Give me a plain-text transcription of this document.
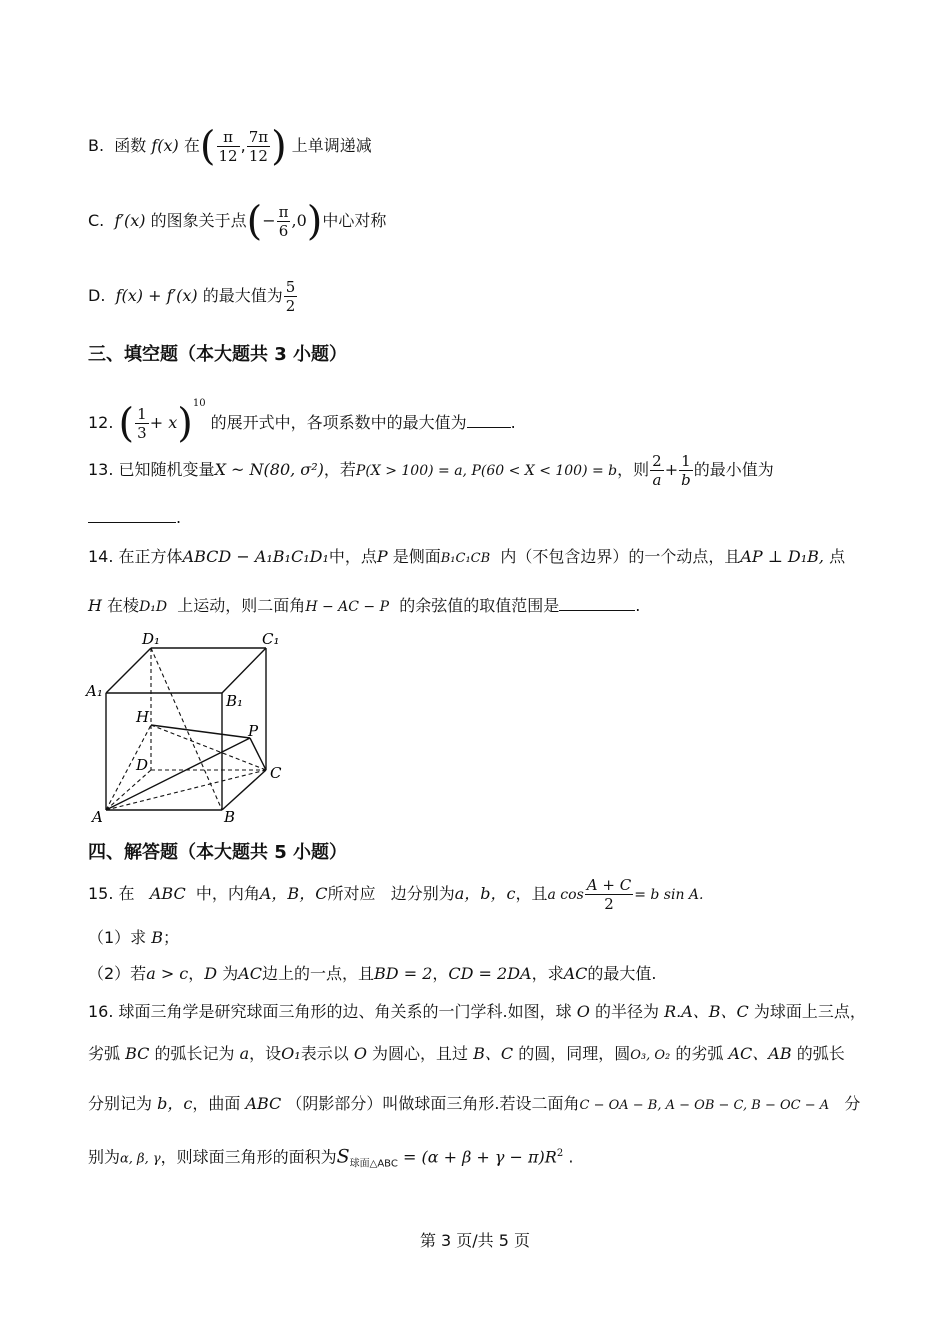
B. 函数 f(x) 在( $\frac{\pi}{12}$ , $\frac{7\pi}{12}$ ) 上单调递减
C. f′(x) 的图象关于点(− $\frac{\pi}{6} ,0$)中心对称
D. f(x) + f′(x) 的最大值为 $\frac{5}{2}$
三、填空题（本大题共 3 小题）
12. ( $\frac{1}{3} + x)^{10}$ 的展开式中，各项系数中的最大值为	.
13. 已知随机变量X ~ N(80, σ²)，若P(X > 100) = a, P(60 < X < 100) = b，则 $\frac{2}{a} + \frac{1}{b}$ 的最小值为
.
14. 在正方体ABCD − A₁B₁C₁D₁中，点P 是侧面B₁C₁CB 内（不包含边界）的一个动点，且AP ⊥ D₁B, 点
H 在棱D₁D 上运动，则二面角H − AC − P 的余弦值的取值范围是	.
D₁	C₁
A₁
B₁
H
P
D	C
A	B
四、解答题（本大题共 5 小题）
15. 在 ABC 中，内角A，B，C所对应 边分别为a，b，c，且a $\cos \frac{A + C}{2} = b$ sin A.
（1）求 B；
（2）若a > c，D 为AC边上的一点，且BD = 2，CD = 2DA，求AC的最大值.
16. 球面三角学是研究球面三角形的边、角关系的一门学科.如图，球 O 的半径为 R.A、B、C 为球面上三点，
劣弧 BC 的弧长记为 a，设O₁表示以 O 为圆心，且过 B、C 的圆，同理，圆O₃, O₂ 的劣弧 AC、AB 的弧长
分别记为 b，c，曲面 ABC （阴影部分）叫做球面三角形.若设二面角C − OA − B, A − OB − C, B − OC − A 分
别为α, β, γ，则球面三角形的面积为$S_{球面\triangle ABC} = (\alpha + \beta + \gamma - \pi)R^2$ .
第 3 页/共 5 页
